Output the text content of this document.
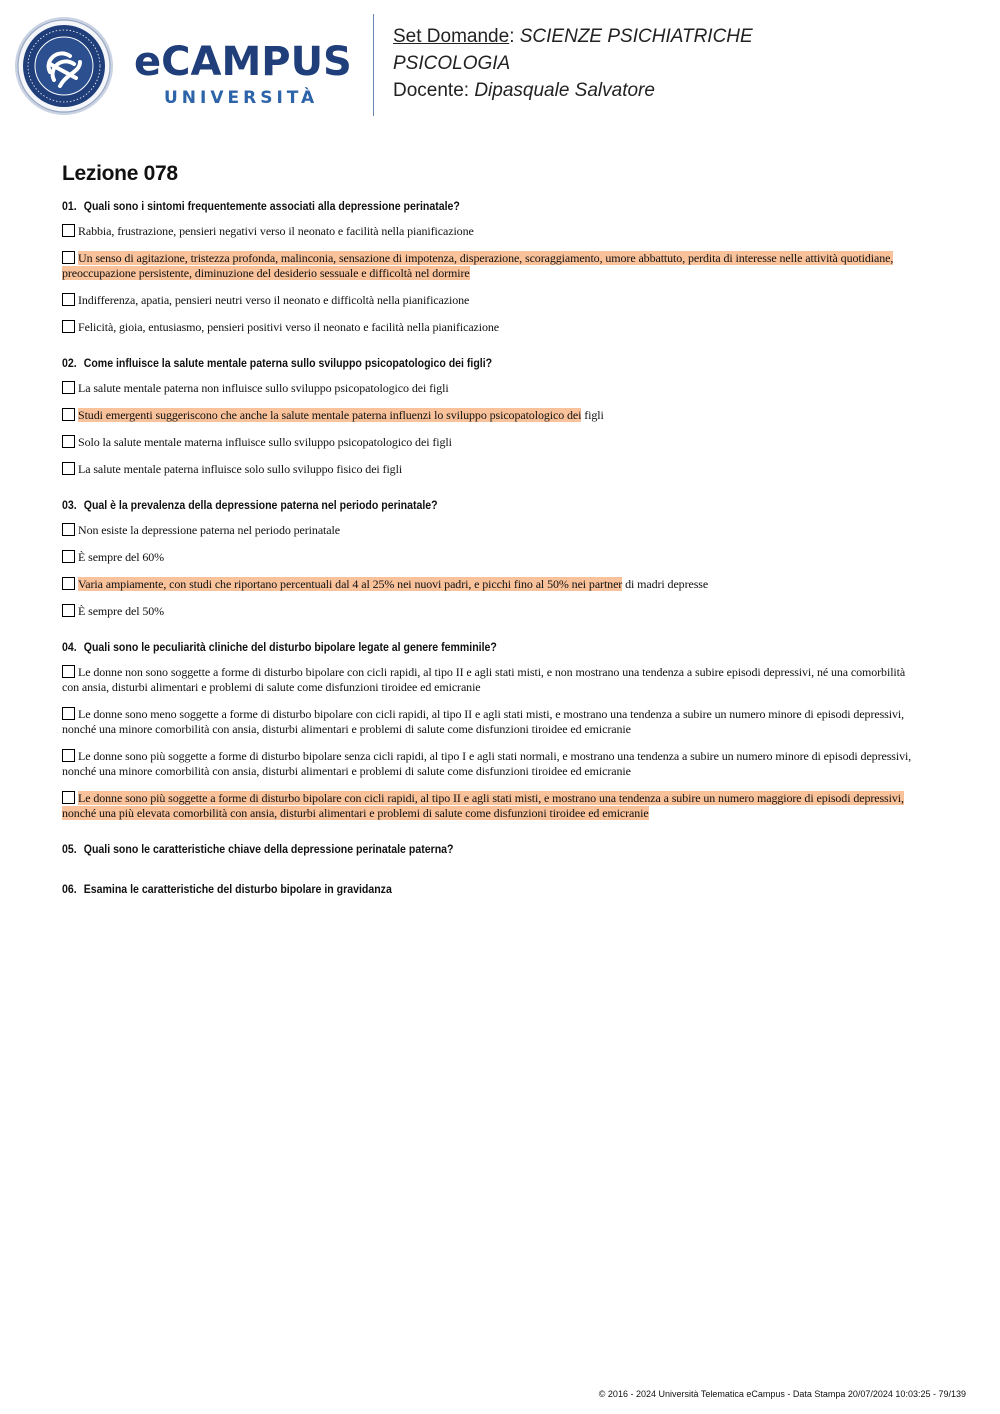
eCAMPUS
UNIVERSITÀ
Set Domande: SCIENZE PSICHIATRICHE
PSICOLOGIA
Docente: Dipasquale Salvatore
Lezione 078
01. Quali sono i sintomi frequentemente associati alla depressione perinatale?
Rabbia, frustrazione, pensieri negativi verso il neonato e facilità nella pianificazione
Un senso di agitazione, tristezza profonda, malinconia, sensazione di impotenza, disperazione, scoraggiamento, umore abbattuto, perdita di interesse nelle attività quotidiane, preoccupazione persistente, diminuzione del desiderio sessuale e difficoltà nel dormire
Indifferenza, apatia, pensieri neutri verso il neonato e difficoltà nella pianificazione
Felicità, gioia, entusiasmo, pensieri positivi verso il neonato e facilità nella pianificazione
02. Come influisce la salute mentale paterna sullo sviluppo psicopatologico dei figli?
La salute mentale paterna non influisce sullo sviluppo psicopatologico dei figli
Studi emergenti suggeriscono che anche la salute mentale paterna influenzi lo sviluppo psicopatologico dei figli
Solo la salute mentale materna influisce sullo sviluppo psicopatologico dei figli
La salute mentale paterna influisce solo sullo sviluppo fisico dei figli
03. Qual è la prevalenza della depressione paterna nel periodo perinatale?
Non esiste la depressione paterna nel periodo perinatale
È sempre del 60%
Varia ampiamente, con studi che riportano percentuali dal 4 al 25% nei nuovi padri, e picchi fino al 50% nei partner di madri depresse
È sempre del 50%
04. Quali sono le peculiarità cliniche del disturbo bipolare legate al genere femminile?
Le donne non sono soggette a forme di disturbo bipolare con cicli rapidi, al tipo II e agli stati misti, e non mostrano una tendenza a subire episodi depressivi, né una comorbilità con ansia, disturbi alimentari e problemi di salute come disfunzioni tiroidee ed emicranie
Le donne sono meno soggette a forme di disturbo bipolare con cicli rapidi, al tipo II e agli stati misti, e mostrano una tendenza a subire un numero minore di episodi depressivi, nonché una minore comorbilità con ansia, disturbi alimentari e problemi di salute come disfunzioni tiroidee ed emicranie
Le donne sono più soggette a forme di disturbo bipolare senza cicli rapidi, al tipo I e agli stati normali, e mostrano una tendenza a subire un numero minore di episodi depressivi, nonché una minore comorbilità con ansia, disturbi alimentari e problemi di salute come disfunzioni tiroidee ed emicranie
Le donne sono più soggette a forme di disturbo bipolare con cicli rapidi, al tipo II e agli stati misti, e mostrano una tendenza a subire un numero maggiore di episodi depressivi, nonché una più elevata comorbilità con ansia, disturbi alimentari e problemi di salute come disfunzioni tiroidee ed emicranie
05. Quali sono le caratteristiche chiave della depressione perinatale paterna?
06. Esamina le caratteristiche del disturbo bipolare in gravidanza
© 2016 - 2024 Università Telematica eCampus - Data Stampa 20/07/2024 10:03:25 - 79/139
